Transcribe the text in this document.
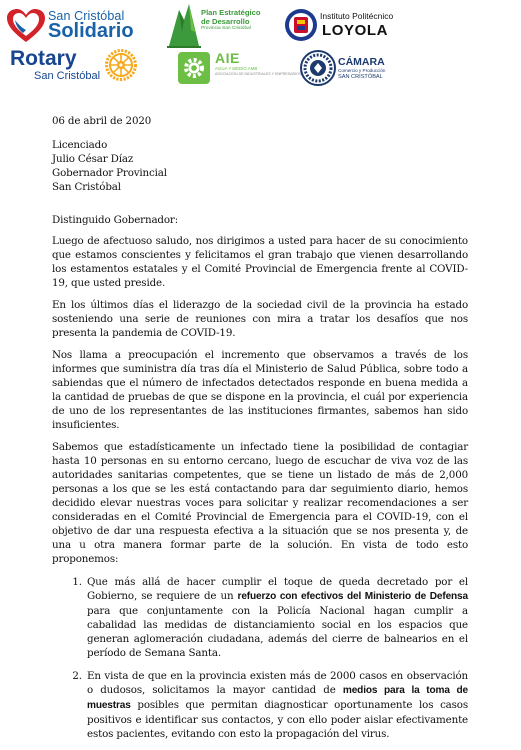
San Cristóbal
Solidario
Rotary
San Cristóbal
Plan Estratégico
de Desarrollo
Provincia San Cristóbal
AIE
AGUA Y MEDIO AMB
ASOCIACIÓN DE INDUSTRIALES Y EMPRESARIOS
Instituto Politécnico
LOYOLA
CÁMARA
Comercio y Producción
SAN CRISTÓBAL
06 de abril de 2020
Licenciado
Julio César Díaz
Gobernador Provincial
San Cristóbal
Distinguido Gobernador:

Luego de afectuoso saludo, nos dirigimos a usted para hacer de su conocimiento que estamos conscientes y felicitamos el gran trabajo que vienen desarrollando los estamentos estatales y el Comité Provincial de Emergencia frente al COVID-19, que usted preside.

En los últimos días el liderazgo de la sociedad civil de la provincia ha estado sosteniendo una serie de reuniones con mira a tratar los desafíos que nos presenta la pandemia de COVID-19.

Nos llama a preocupación el incremento que observamos a través de los informes que suministra día tras día el Ministerio de Salud Pública, sobre todo a sabiendas que el número de infectados detectados responde en buena medida a la cantidad de pruebas de que se dispone en la provincia, el cuál por experiencia de uno de los representantes de las instituciones firmantes, sabemos han sido insuficientes.

Sabemos que estadísticamente un infectado tiene la posibilidad de contagiar hasta 10 personas en su entorno cercano, luego de escuchar de viva voz de las autoridades sanitarias competentes, que se tiene un listado de más de 2,000 personas a los que se les está contactando para dar seguimiento diario, hemos decidido elevar nuestras voces para solicitar y realizar recomendaciones a ser consideradas en el Comité Provincial de Emergencia para el COVID-19, con el objetivo de dar una respuesta efectiva a la situación que se nos presenta y, de una u otra manera formar parte de la solución. En vista de todo esto proponemos:

1. Que más allá de hacer cumplir el toque de queda decretado por el Gobierno, se requiere de un refuerzo con efectivos del Ministerio de Defensa para que conjuntamente con la Policía Nacional hagan cumplir a cabalidad las medidas de distanciamiento social en los espacios que generan aglomeración ciudadana, además del cierre de balnearios en el período de Semana Santa.
2. En vista de que en la provincia existen más de 2000 casos en observación o dudosos, solicitamos la mayor cantidad de medios para la toma de muestras posibles que permitan diagnosticar oportunamente los casos positivos e identificar sus contactos, y con ello poder aislar efectivamente estos pacientes, evitando con esto la propagación del virus.
